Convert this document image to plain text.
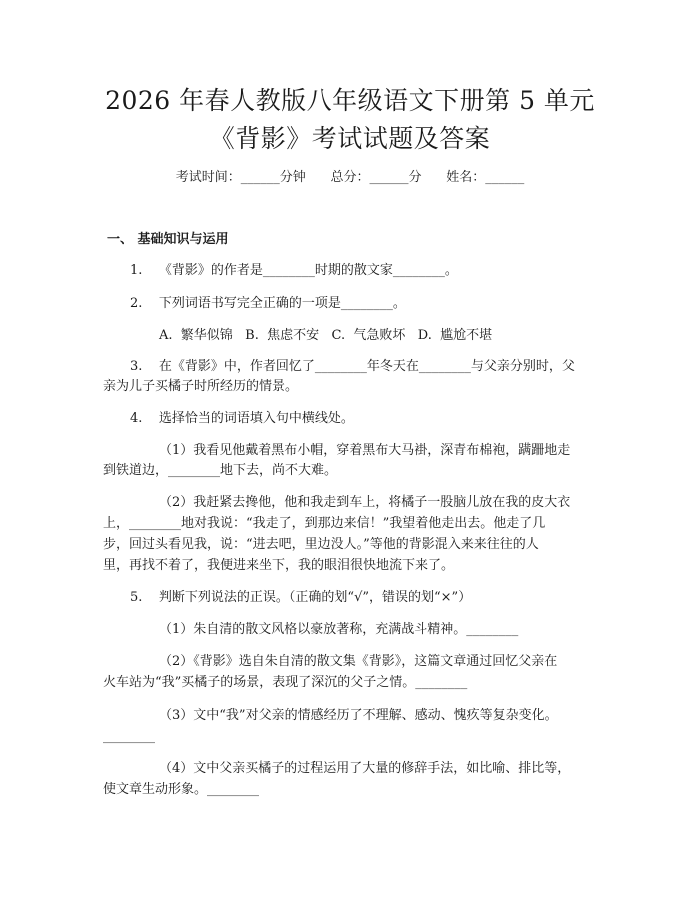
2026 年春人教版八年级语文下册第 5 单元
《背影》考试试题及答案
考试时间：______分钟      总分：______分      姓名：______
一、 基础知识与运用
1.    《背影》的作者是________时期的散文家________。
2.    下列词语书写完全正确的一项是________。
A.  繁华似锦   B.  焦虑不安   C.  气急败坏   D.  尴尬不堪
3.    在《背影》中，作者回忆了________年冬天在________与父亲分别时，父
亲为儿子买橘子时所经历的情景。
4.    选择恰当的词语填入句中横线处。
（1）我看见他戴着黑布小帽，穿着黑布大马褂，深青布棉袍，蹒跚地走
到铁道边，________地下去，尚不大难。
（2）我赶紧去搀他，他和我走到车上，将橘子一股脑儿放在我的皮大衣
上，________地对我说：“我走了，到那边来信！”我望着他走出去。他走了几
步，回过头看见我，说：“进去吧，里边没人。”等他的背影混入来来往往的人
里，再找不着了，我便进来坐下，我的眼泪很快地流下来了。
5.    判断下列说法的正误。（正确的划“√”，错误的划“×”）
（1）朱自清的散文风格以豪放著称，充满战斗精神。________
（2）《背影》选自朱自清的散文集《背影》，这篇文章通过回忆父亲在
火车站为“我”买橘子的场景，表现了深沉的父子之情。________
（3）文中“我”对父亲的情感经历了不理解、感动、愧疚等复杂变化。
________
（4）文中父亲买橘子的过程运用了大量的修辞手法，如比喻、排比等，
使文章生动形象。________
